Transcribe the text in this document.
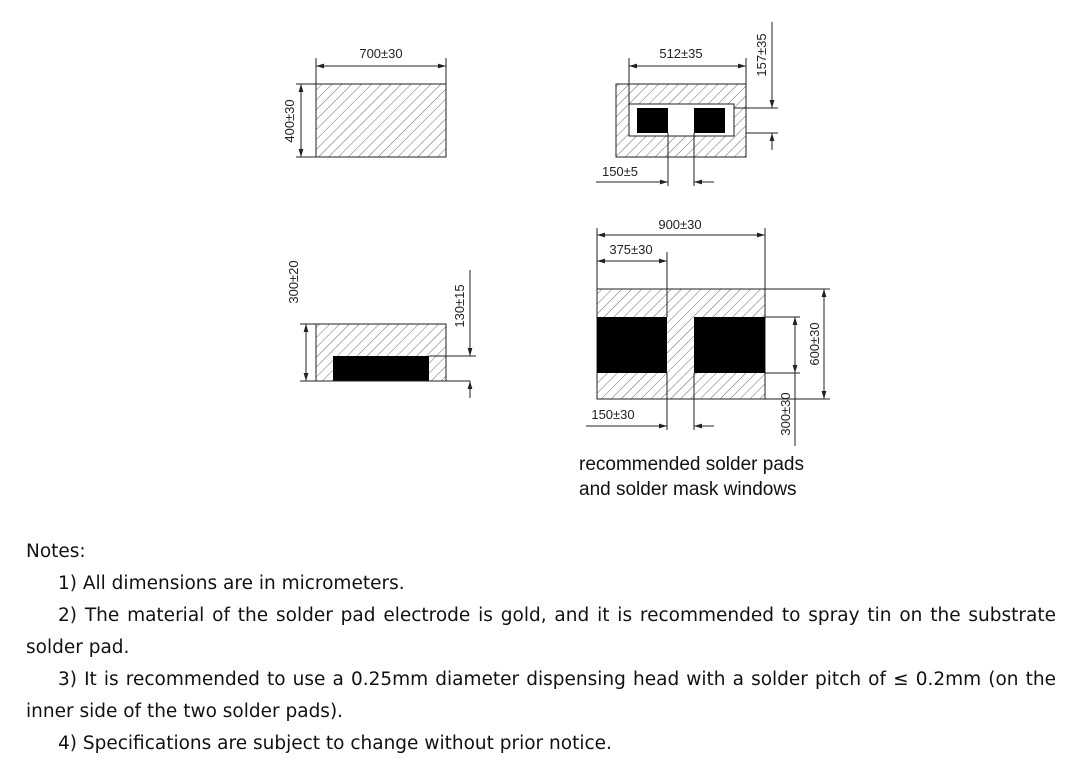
700±30
400±30
512±35	157±35
150±5
300±20
130±15
900±30
375±30
600±30
300±30
150±30
recommended solder pads
and solder mask windows
Notes:

1) All dimensions are in micrometers.

2) The material of the solder pad electrode is gold, and it is recommended to spray tin on the substrate solder pad.

3) It is recommended to use a 0.25mm diameter dispensing head with a solder pitch of ≤ 0.2mm (on the inner side of the two solder pads).

4) Specifications are subject to change without prior notice.
